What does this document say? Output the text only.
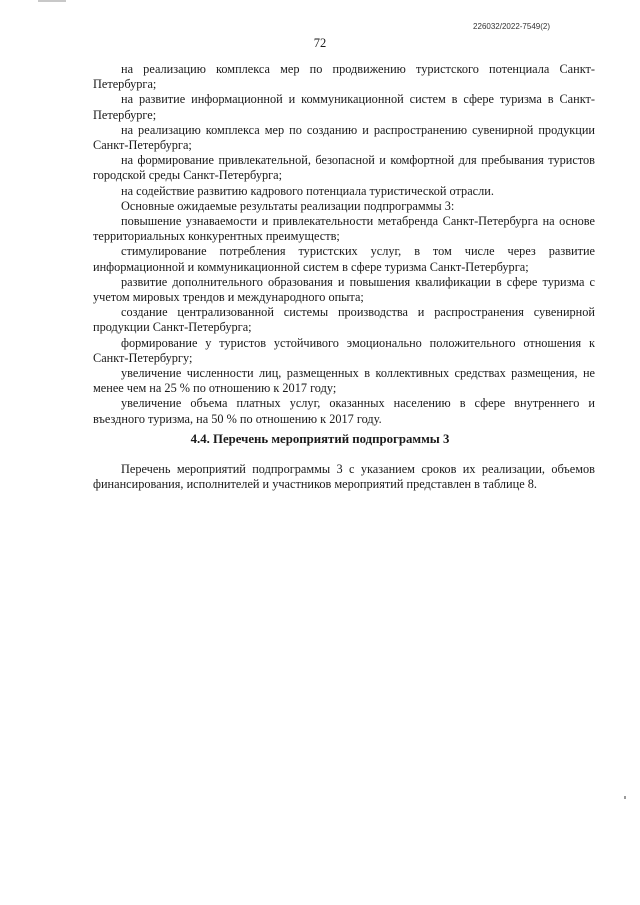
226032/2022-7549(2)
72

на реализацию комплекса мер по продвижению туристского потенциала Санкт-Петербурга;

на развитие информационной и коммуникационной систем в сфере туризма в Санкт-Петербурге;

на реализацию комплекса мер по созданию и распространению сувенирной продукции Санкт-Петербурга;

на формирование привлекательной, безопасной и комфортной для пребывания туристов городской среды Санкт-Петербурга;

на содействие развитию кадрового потенциала туристической отрасли.

Основные ожидаемые результаты реализации подпрограммы 3:

повышение узнаваемости и привлекательности метабренда Санкт-Петербурга на основе территориальных конкурентных преимуществ;

стимулирование потребления туристских услуг, в том числе через развитие информационной и коммуникационной систем в сфере туризма Санкт-Петербурга;

развитие дополнительного образования и повышения квалификации в сфере туризма с учетом мировых трендов и международного опыта;

создание централизованной системы производства и распространения сувенирной продукции Санкт-Петербурга;

формирование у туристов устойчивого эмоционально положительного отношения к Санкт-Петербургу;

увеличение численности лиц, размещенных в коллективных средствах размещения, не менее чем на 25 % по отношению к 2017 году;

увеличение объема платных услуг, оказанных населению в сфере внутреннего и въездного туризма, на 50 % по отношению к 2017 году.

4.4. Перечень мероприятий подпрограммы 3

Перечень мероприятий подпрограммы 3 с указанием сроков их реализации, объемов финансирования, исполнителей и участников мероприятий представлен в таблице 8.
